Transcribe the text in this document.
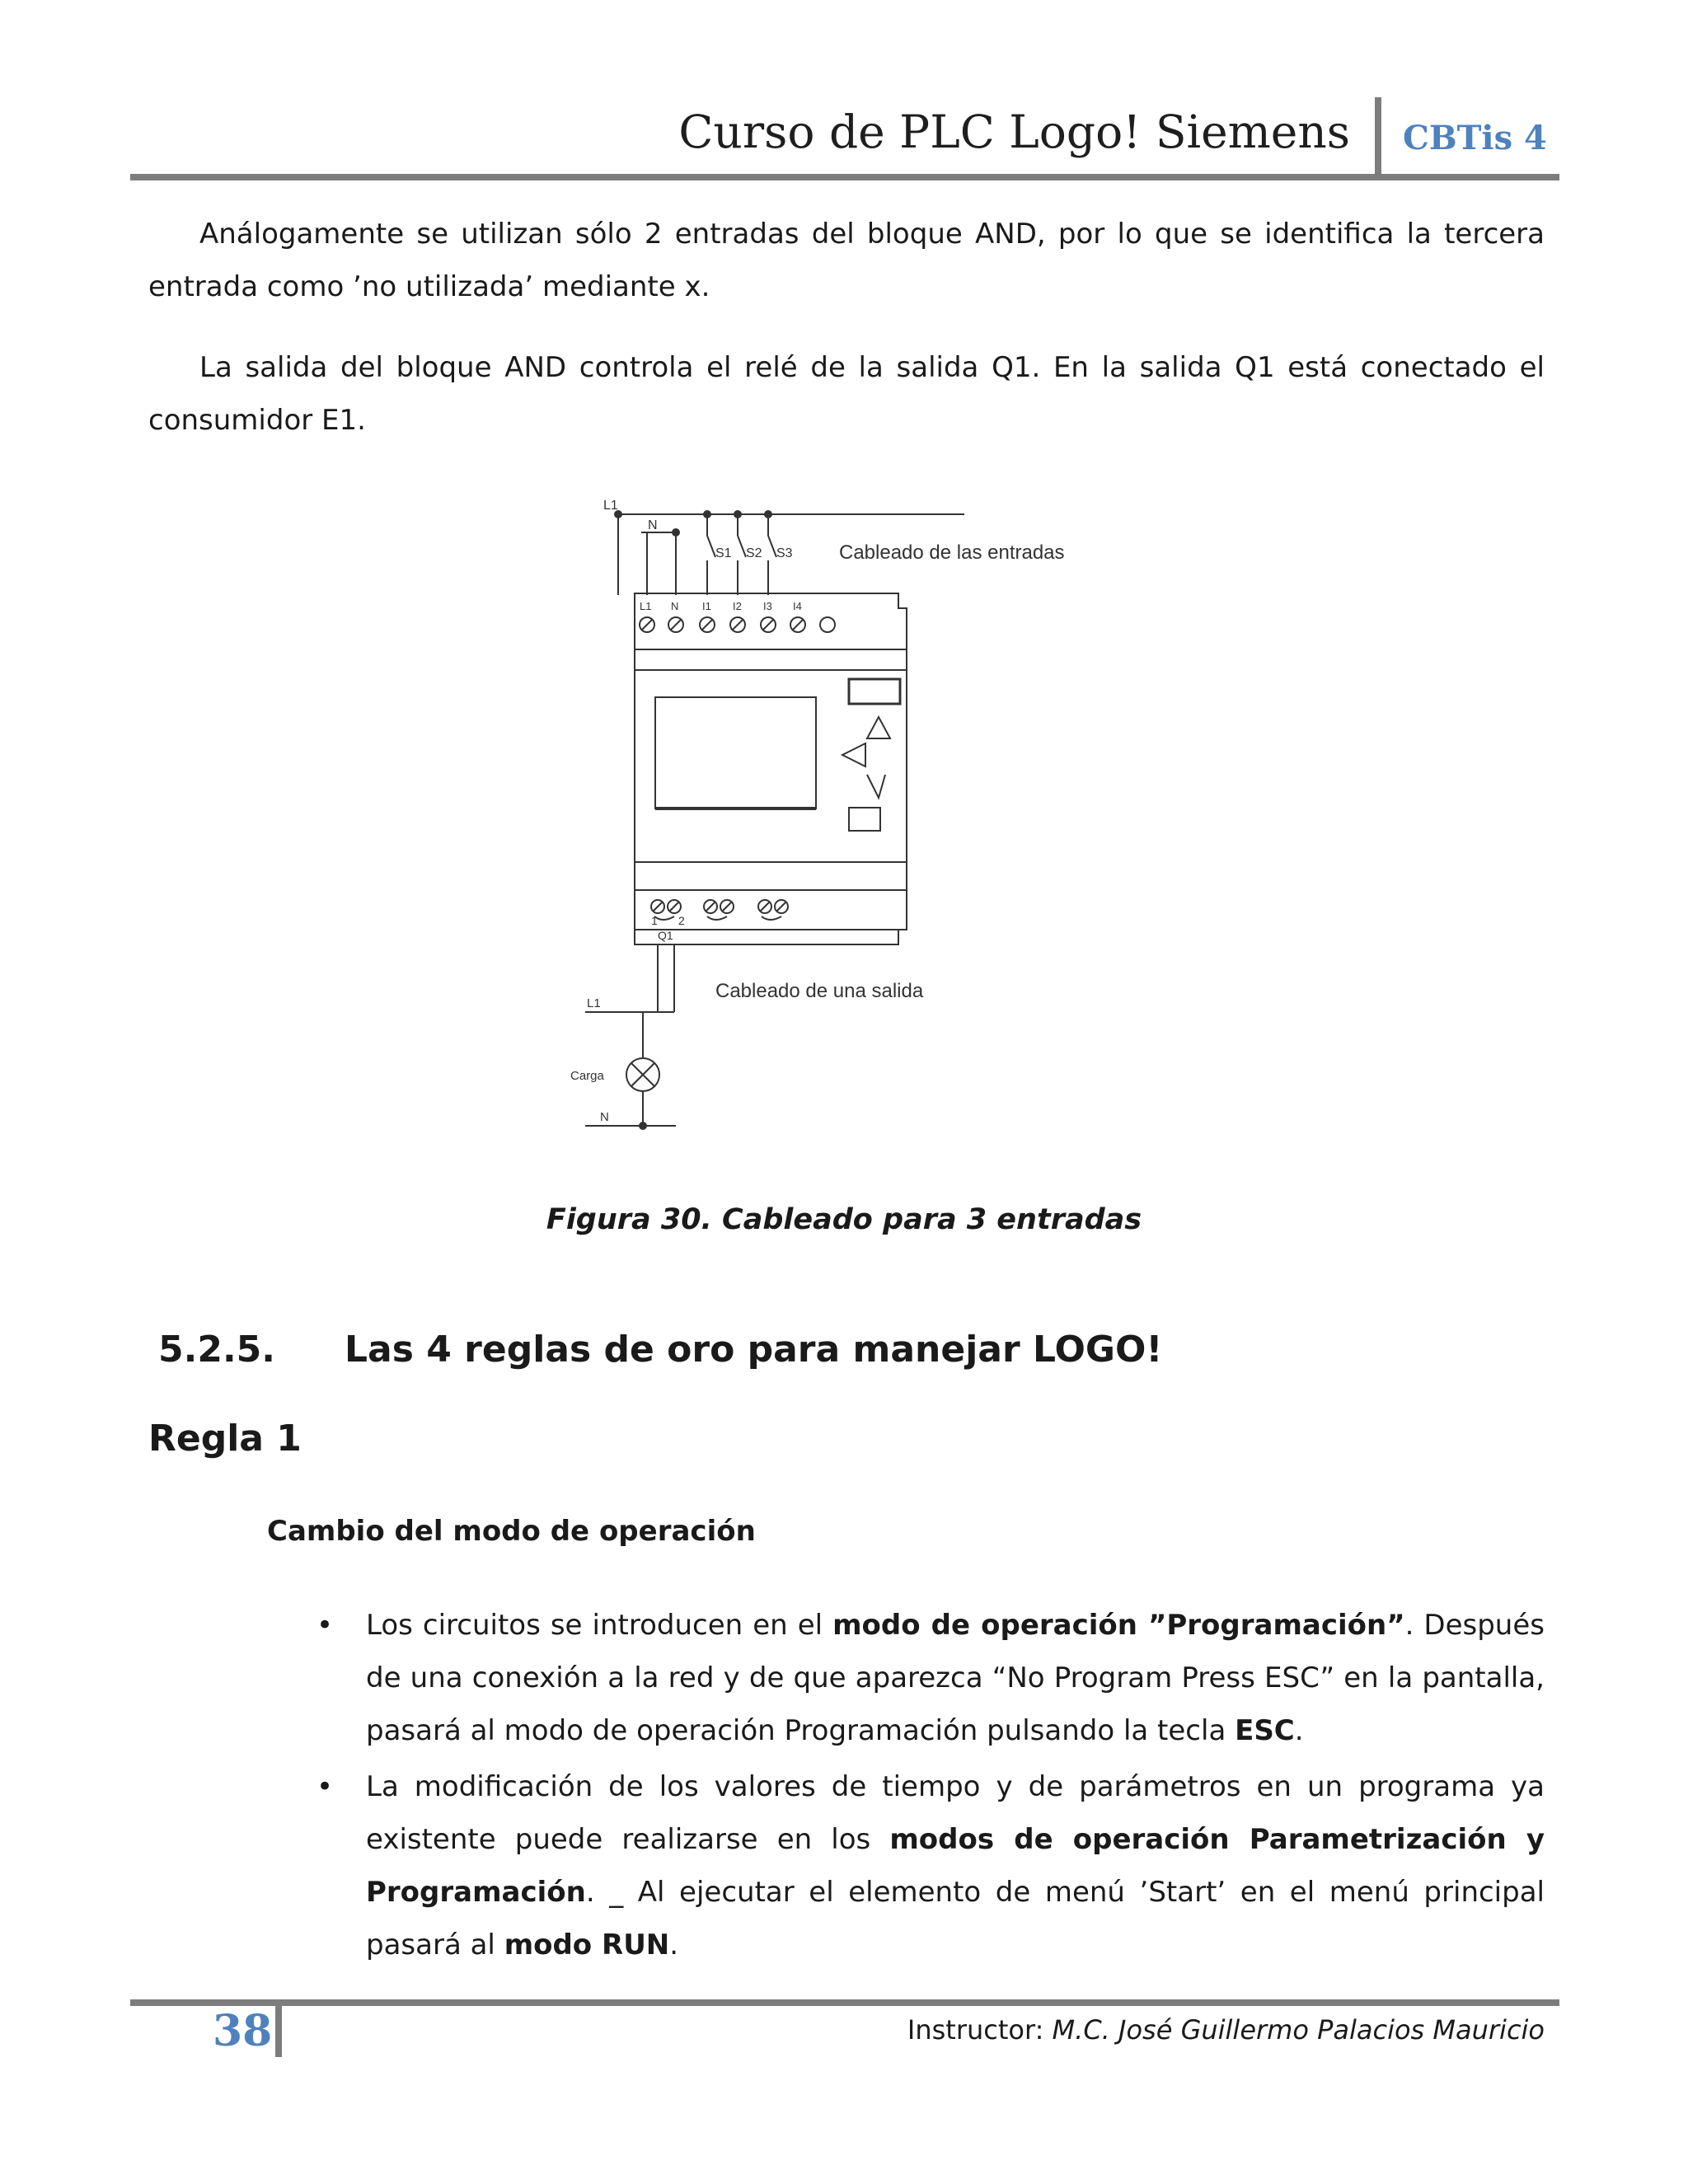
Curso de PLC Logo! Siemens CBTis 4

Análogamente se utilizan sólo 2 entradas del bloque AND, por lo que se identifica la tercera entrada como ’no utilizada’ mediante x.

La salida del bloque AND controla el relé de la salida Q1. En la salida Q1 está conectado el consumidor E1.

L1
N
S1 S2 S3 Cableado de las entradas
L1 N I1 I2 I3 I4
1 2
Q1
Cableado de una salida
L1
Carga
N
Figura 30. Cableado para 3 entradas
5.2.5. Las 4 reglas de oro para manejar LOGO!
Regla 1
Cambio del modo de operación

• Los circuitos se introducen en el modo de operación ”Programación”. Después de una conexión a la red y de que aparezca “No Program Press ESC” en la pantalla, pasará al modo de operación Programación pulsando la tecla ESC.

• La modificación de los valores de tiempo y de parámetros en un programa ya existente puede realizarse en los modos de operación Parametrización y Programación. _ Al ejecutar el elemento de menú ’Start’ en el menú principal pasará al modo RUN.

38	Instructor: M.C. José Guillermo Palacios Mauricio
